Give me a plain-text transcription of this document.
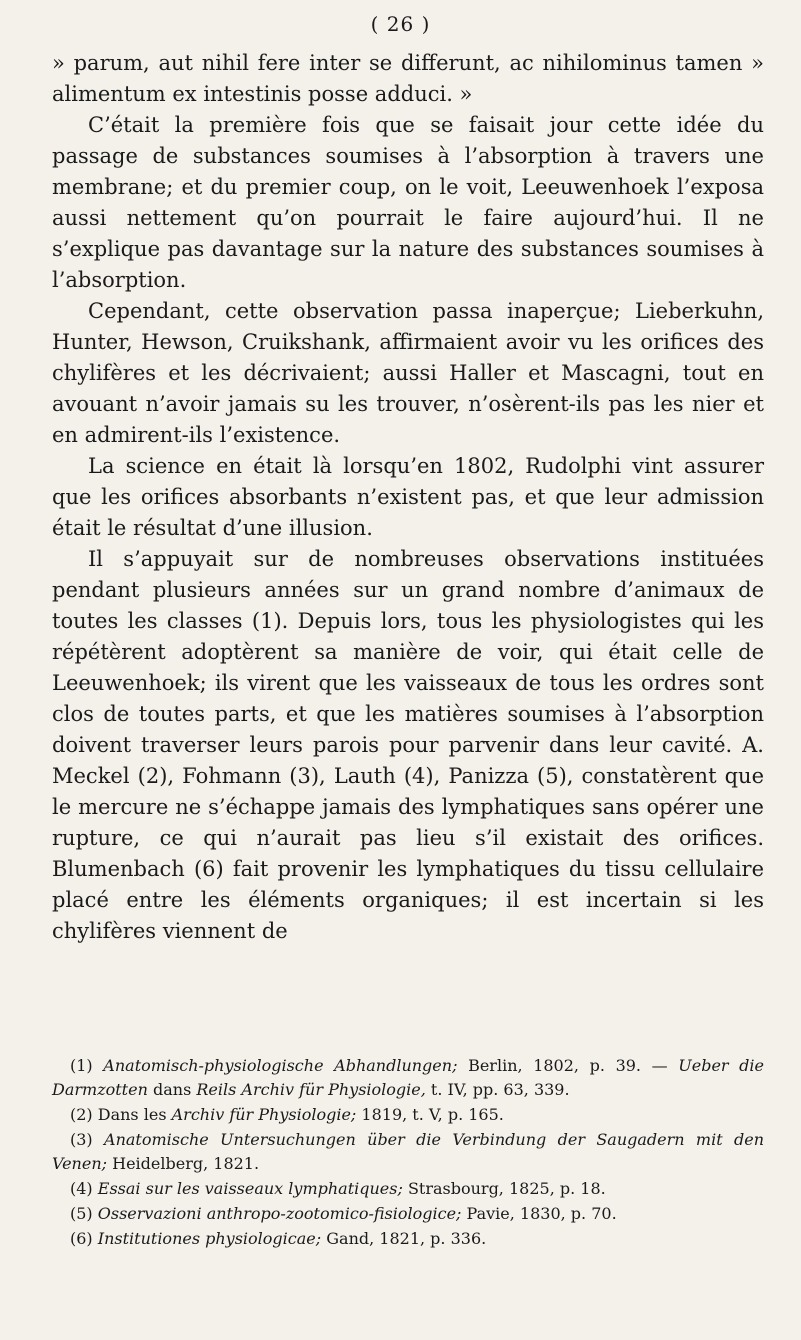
( 26 )

» parum, aut nihil fere inter se differunt, ac nihilominus tamen » alimentum ex intestinis posse adduci. »

C’était la première fois que se faisait jour cette idée du passage de substances soumises à l’absorption à travers une membrane; et du premier coup, on le voit, Leeuwenhoek l’exposa aussi nettement qu’on pourrait le faire aujourd’hui. Il ne s’explique pas davantage sur la nature des substances soumises à l’absorption.

Cependant, cette observation passa inaperçue; Lieberkuhn, Hunter, Hewson, Cruikshank, affirmaient avoir vu les orifices des chylifères et les décrivaient; aussi Haller et Mascagni, tout en avouant n’avoir jamais su les trouver, n’osèrent-ils pas les nier et en admirent-ils l’existence.

La science en était là lorsqu’en 1802, Rudolphi vint assurer que les orifices absorbants n’existent pas, et que leur admission était le résultat d’une illusion.

Il s’appuyait sur de nombreuses observations instituées pendant plusieurs années sur un grand nombre d’animaux de toutes les classes (1). Depuis lors, tous les physiologistes qui les répétèrent adoptèrent sa manière de voir, qui était celle de Leeuwenhoek; ils virent que les vaisseaux de tous les ordres sont clos de toutes parts, et que les matières soumises à l’absorption doivent traverser leurs parois pour parvenir dans leur cavité. A. Meckel (2), Fohmann (3), Lauth (4), Panizza (5), constatèrent que le mercure ne s’échappe jamais des lymphatiques sans opérer une rupture, ce qui n’aurait pas lieu s’il existait des orifices. Blumenbach (6) fait provenir les lymphatiques du tissu cellulaire placé entre les éléments organiques; il est incertain si les chylifères viennent de

(1) Anatomisch-physiologische Abhandlungen; Berlin, 1802, p. 39. — Ueber die Darmzotten dans Reils Archiv für Physiologie, t. IV, pp. 63, 339.

(2) Dans les Archiv für Physiologie; 1819, t. V, p. 165.

(3) Anatomische Untersuchungen über die Verbindung der Saugadern mit den Venen; Heidelberg, 1821.

(4) Essai sur les vaisseaux lymphatiques; Strasbourg, 1825, p. 18.

(5) Osservazioni anthropo-zootomico-fisiologice; Pavie, 1830, p. 70.

(6) Institutiones physiologicae; Gand, 1821, p. 336.
